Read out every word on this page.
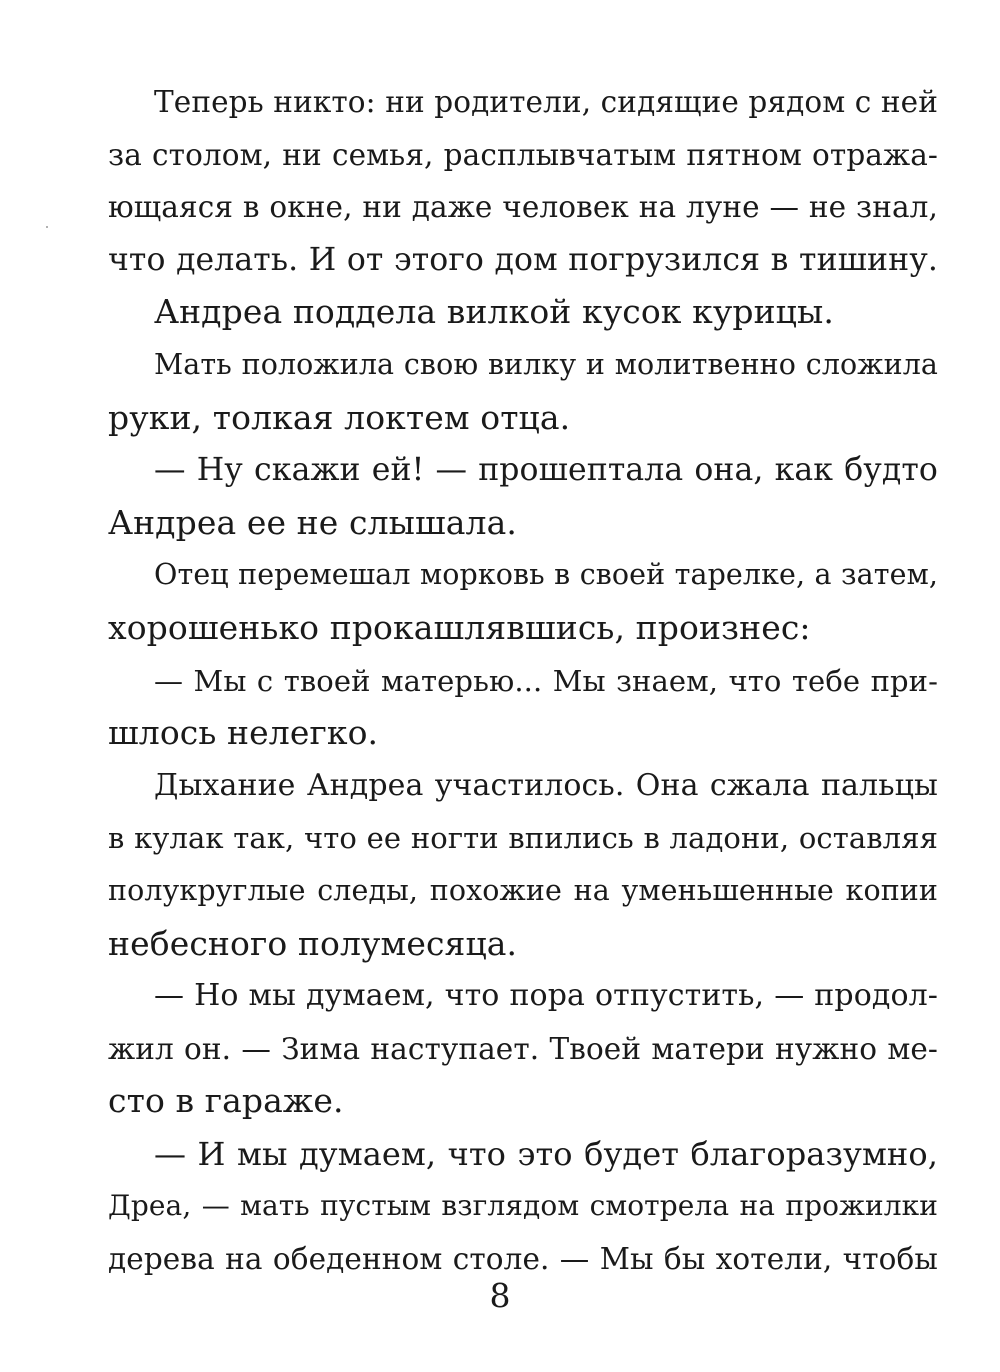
Теперь никто: ни родители, сидящие рядом с ней
за столом, ни семья, расплывчатым пятном отража-
ющаяся в окне, ни даже человек на луне — не знал,
что делать. И от этого дом погрузился в тишину.
Андреа поддела вилкой кусок курицы.
Мать положила свою вилку и молитвенно сложила
руки, толкая локтем отца.
— Ну скажи ей! — прошептала она, как будто
Андреа ее не слышала.
Отец перемешал морковь в своей тарелке, а затем,
хорошенько прокашлявшись, произнес:
— Мы с твоей матерью... Мы знаем, что тебе при-
шлось нелегко.
Дыхание Андреа участилось. Она сжала пальцы
в кулак так, что ее ногти впились в ладони, оставляя
полукруглые следы, похожие на уменьшенные копии
небесного полумесяца.
— Но мы думаем, что пора отпустить, — продол-
жил он. — Зима наступает. Твоей матери нужно ме-
сто в гараже.
— И мы думаем, что это будет благоразумно,
Дреа, — мать пустым взглядом смотрела на прожилки
дерева на обеденном столе. — Мы бы хотели, чтобы
8
